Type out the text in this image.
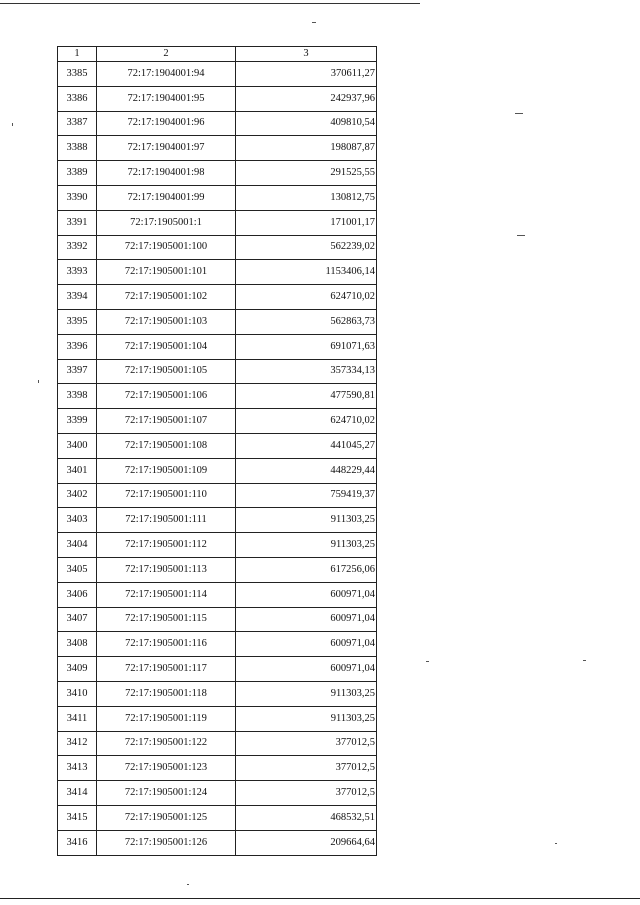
1	2	3
3385	72:17:1904001:94	370611,27
3386	72:17:1904001:95	242937,96
3387	72:17:1904001:96	409810,54
3388	72:17:1904001:97	198087,87
3389	72:17:1904001:98	291525,55
3390	72:17:1904001:99	130812,75
3391	72:17:1905001:1	171001,17
3392	72:17:1905001:100	562239,02
3393	72:17:1905001:101	1153406,14
3394	72:17:1905001:102	624710,02
3395	72:17:1905001:103	562863,73
3396	72:17:1905001:104	691071,63
3397	72:17:1905001:105	357334,13
3398	72:17:1905001:106	477590,81
3399	72:17:1905001:107	624710,02
3400	72:17:1905001:108	441045,27
3401	72:17:1905001:109	448229,44
3402	72:17:1905001:110	759419,37
3403	72:17:1905001:111	911303,25
3404	72:17:1905001:112	911303,25
3405	72:17:1905001:113	617256,06
3406	72:17:1905001:114	600971,04
3407	72:17:1905001:115	600971,04
3408	72:17:1905001:116	600971,04
3409	72:17:1905001:117	600971,04
3410	72:17:1905001:118	911303,25
3411	72:17:1905001:119	911303,25
3412	72:17:1905001:122	377012,5
3413	72:17:1905001:123	377012,5
3414	72:17:1905001:124	377012,5
3415	72:17:1905001:125	468532,51
3416	72:17:1905001:126	209664,64
